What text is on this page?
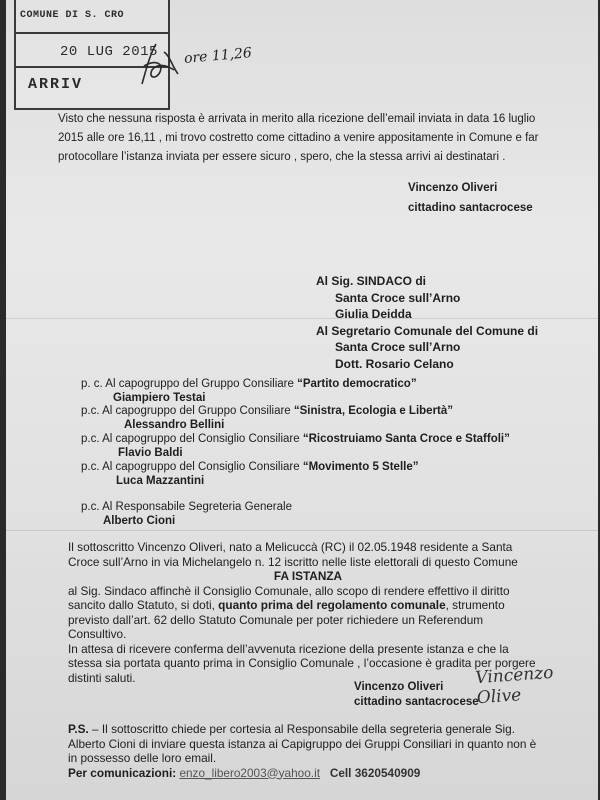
COMUNE DI S. CRO
20 LUG 2015
ARRIV
ore 11,26
Visto che nessuna risposta è arrivata in merito alla ricezione dell’email inviata in data 16 luglio
2015 alle ore 16,11 , mi trovo costretto come cittadino a venire appositamente in Comune e far
protocollare l’istanza inviata per essere sicuro , spero, che la stessa arrivi ai destinatari .
Vincenzo Oliveri
cittadino santacrocese
Al Sig. SINDACO di
Santa Croce sull’Arno
Giulia Deidda
Al Segretario Comunale del Comune di
Santa Croce sull’Arno
Dott. Rosario Celano
p. c. Al capogruppo del Gruppo Consiliare “Partito democratico”
Giampiero Testai
p.c. Al capogruppo del Gruppo Consiliare “Sinistra, Ecologia e Libertà”
Alessandro Bellini
p.c. Al capogruppo del Consiglio Consiliare “Ricostruiamo Santa Croce e Staffoli”
Flavio Baldi
p.c. Al capogruppo del Consiglio Consiliare “Movimento 5 Stelle”
Luca Mazzantini
p.c. Al Responsabile Segreteria Generale
Alberto Cioni
Il sottoscritto Vincenzo Oliveri, nato a Melicuccà (RC) il 02.05.1948 residente a Santa
Croce sull’Arno in via Michelangelo n. 12 iscritto nelle liste elettorali di questo Comune
FA ISTANZA
al Sig. Sindaco affinchè il Consiglio Comunale, allo scopo di rendere effettivo il diritto
sancito dallo Statuto, si doti, quanto prima del regolamento comunale, strumento
previsto dall’art. 62 dello Statuto Comunale per poter richiedere un Referendum
Consultivo.
In attesa di ricevere conferma dell’avvenuta ricezione della presente istanza e che la
stessa sia portata quanto prima in Consiglio Comunale , l’occasione è gradita per porgere
distinti saluti.
Vincenzo Oliveri
cittadino santacrocese
Vincenzo Olive
P.S. – Il sottoscritto chiede per cortesia al Responsabile della segreteria generale Sig.
Alberto Cioni di inviare questa istanza ai Capigruppo dei Gruppi Consiliari in quanto non è
in possesso delle loro email.
Per comunicazioni: enzo_libero2003@yahoo.it Cell 3620540909
